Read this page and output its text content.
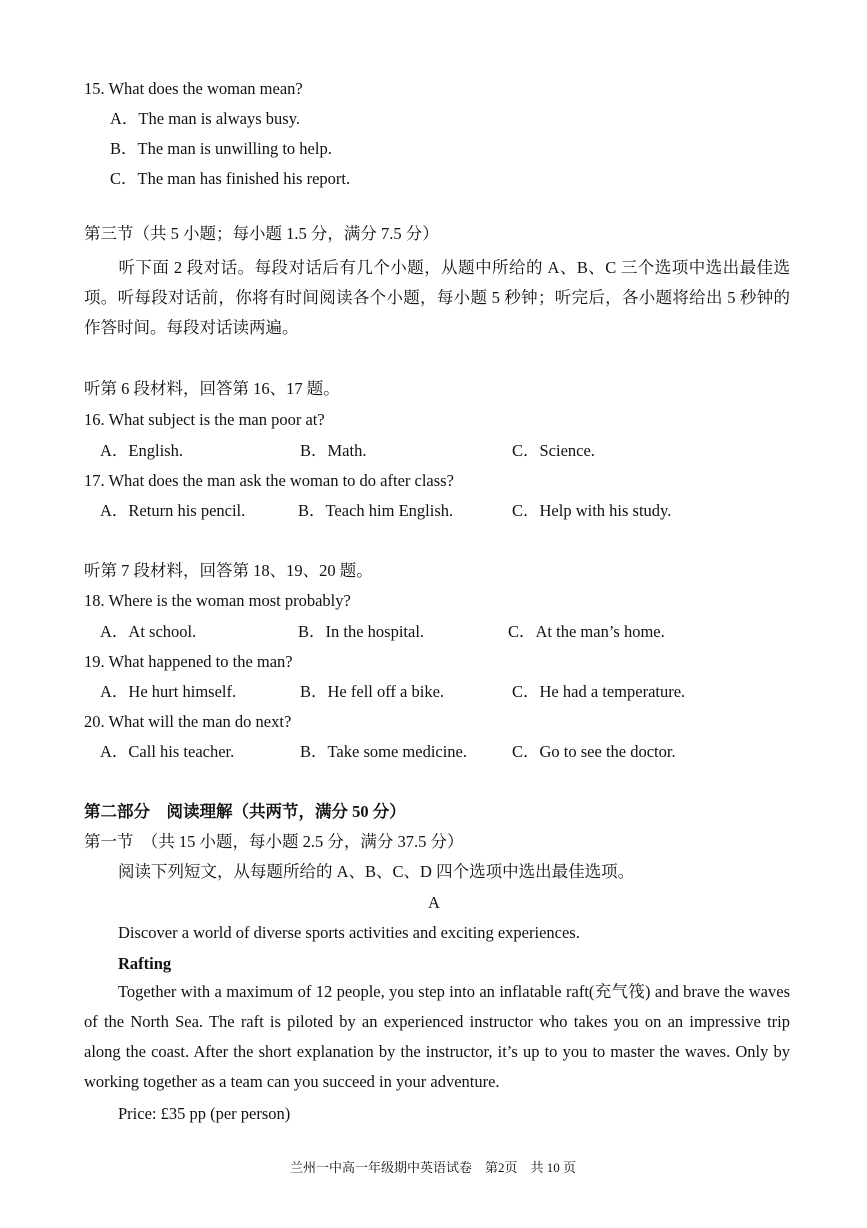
15. What does the woman mean?
A．The man is always busy.
B．The man is unwilling to help.
C．The man has finished his report.
第三节（共 5 小题；每小题 1.5 分，满分 7.5 分）
听下面 2 段对话。每段对话后有几个小题，从题中所给的 A、B、C 三个选项中选出最佳选项。听每段对话前，你将有时间阅读各个小题，每小题 5 秒钟；听完后，各小题将给出 5 秒钟的作答时间。每段对话读两遍。
听第 6 段材料，回答第 16、17 题。
16. What subject is the man poor at?
A．English.	B．Math.	C．Science.
17. What does the man ask the woman to do after class?
A．Return his pencil.	B．Teach him English.	C．Help with his study.
听第 7 段材料，回答第 18、19、20 题。
18. Where is the woman most probably?
A．At school.	B．In the hospital.	C．At the man’s home.
19. What happened to the man?
A．He hurt himself.	B．He fell off a bike.	C．He had a temperature.
20. What will the man do next?
A．Call his teacher.	B．Take some medicine.	C．Go to see the doctor.
第二部分　阅读理解（共两节，满分 50 分）
第一节　（共 15 小题，每小题 2.5 分，满分 37.5 分）
阅读下列短文，从每题所给的 A、B、C、D 四个选项中选出最佳选项。
A
Discover a world of diverse sports activities and exciting experiences.
Rafting
Together with a maximum of 12 people, you step into an inflatable raft(充气筏) and brave the waves of the North Sea. The raft is piloted by an experienced instructor who takes you on an impressive trip along the coast. After the short explanation by the instructor, it’s up to you to master the waves. Only by working together as a team can you succeed in your adventure.
Price: £35 pp (per person)
兰州一中高一年级期中英语试卷　第2页　共 10 页
